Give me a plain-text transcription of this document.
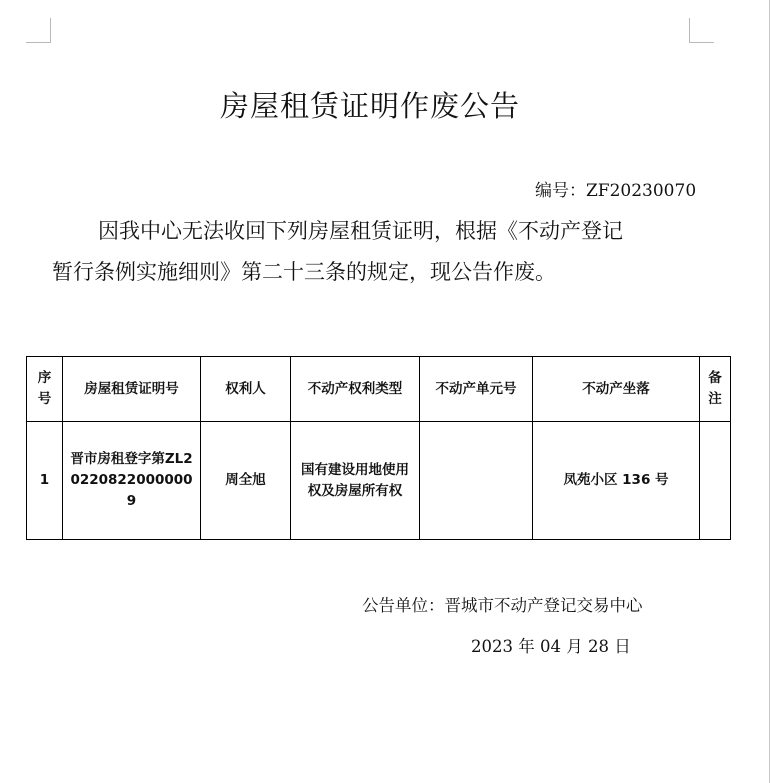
房屋租赁证明作废公告
编号：ZF20230070
因我中心无法收回下列房屋租赁证明，根据《不动产登记
暂行条例实施细则》第二十三条的规定，现公告作废。
序号	房屋租赁证明号	权利人	不动产权利类型	不动产单元号	不动产坐落	备注
1	晋市房租登字第ZL202208220000009	周全旭	国有建设用地使用权及房屋所有权		凤苑小区 136 号	
公告单位：晋城市不动产登记交易中心
2023 年 04 月 28 日
